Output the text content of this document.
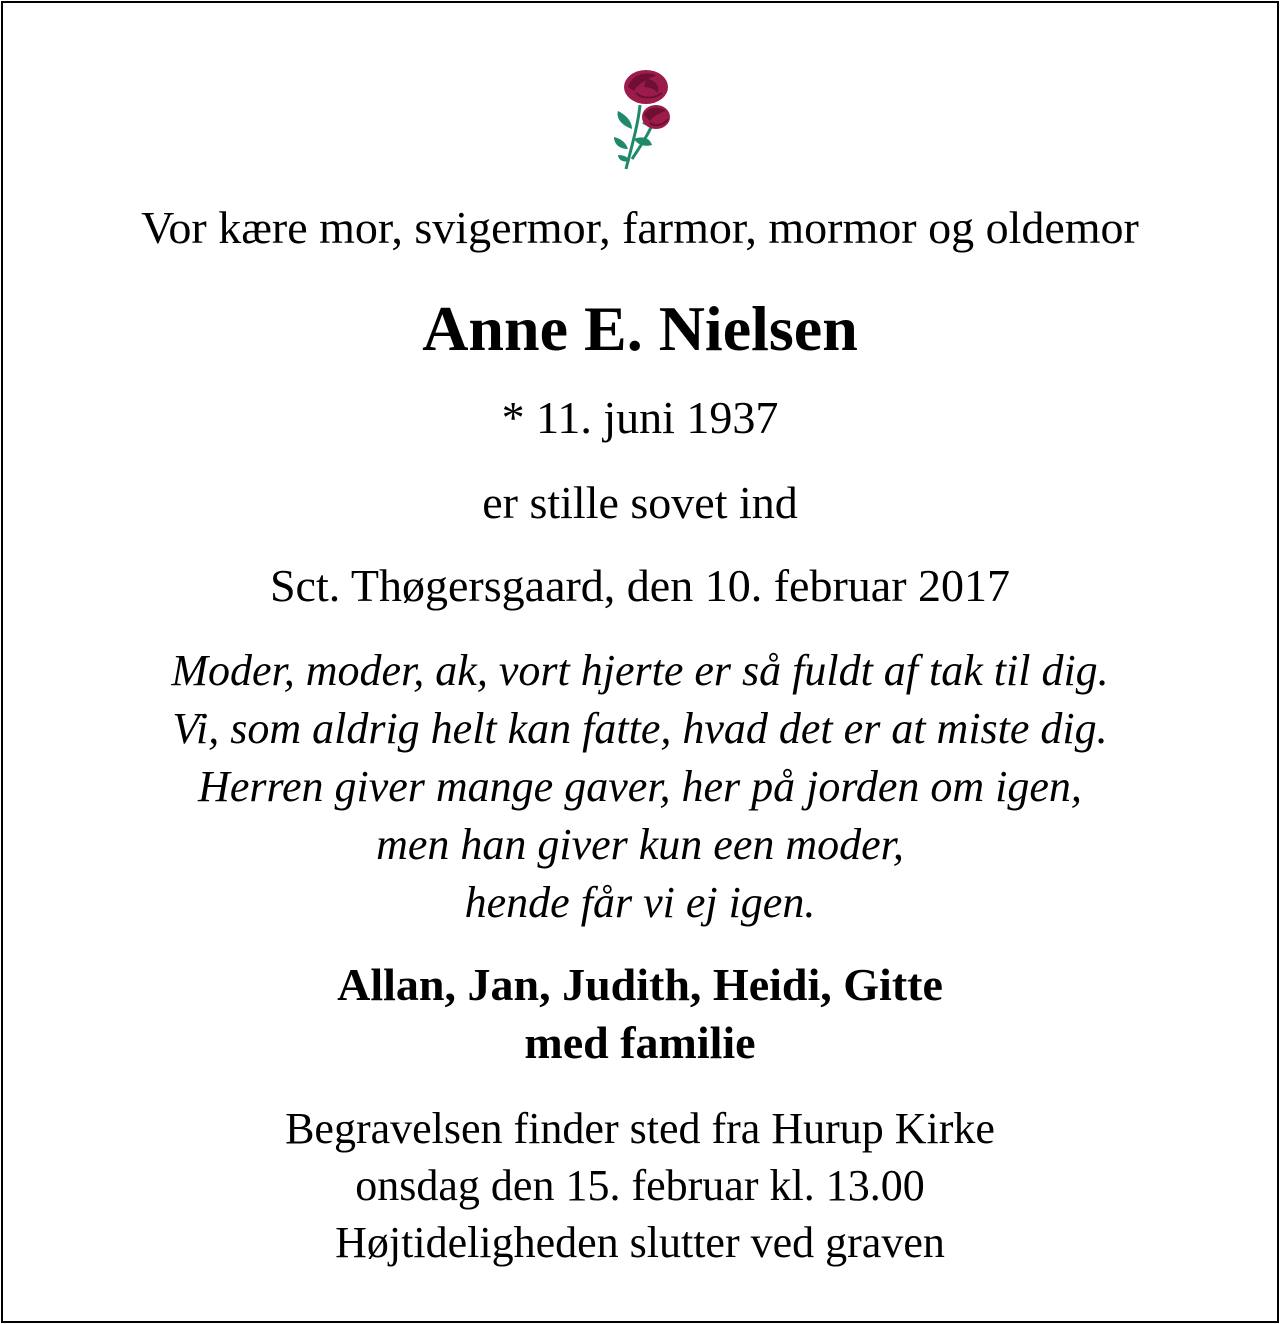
Vor kære mor, svigermor, farmor, mormor og oldemor

Anne E. Nielsen

* 11. juni 1937

er stille sovet ind

Sct. Thøgersgaard, den 10. februar 2017

Moder, moder, ak, vort hjerte er så fuldt af tak til dig.

Vi, som aldrig helt kan fatte, hvad det er at miste dig.

Herren giver mange gaver, her på jorden om igen,

men han giver kun een moder,

hende får vi ej igen.

Allan, Jan, Judith, Heidi, Gitte

med familie

Begravelsen finder sted fra Hurup Kirke

onsdag den 15. februar kl. 13.00

Højtideligheden slutter ved graven
